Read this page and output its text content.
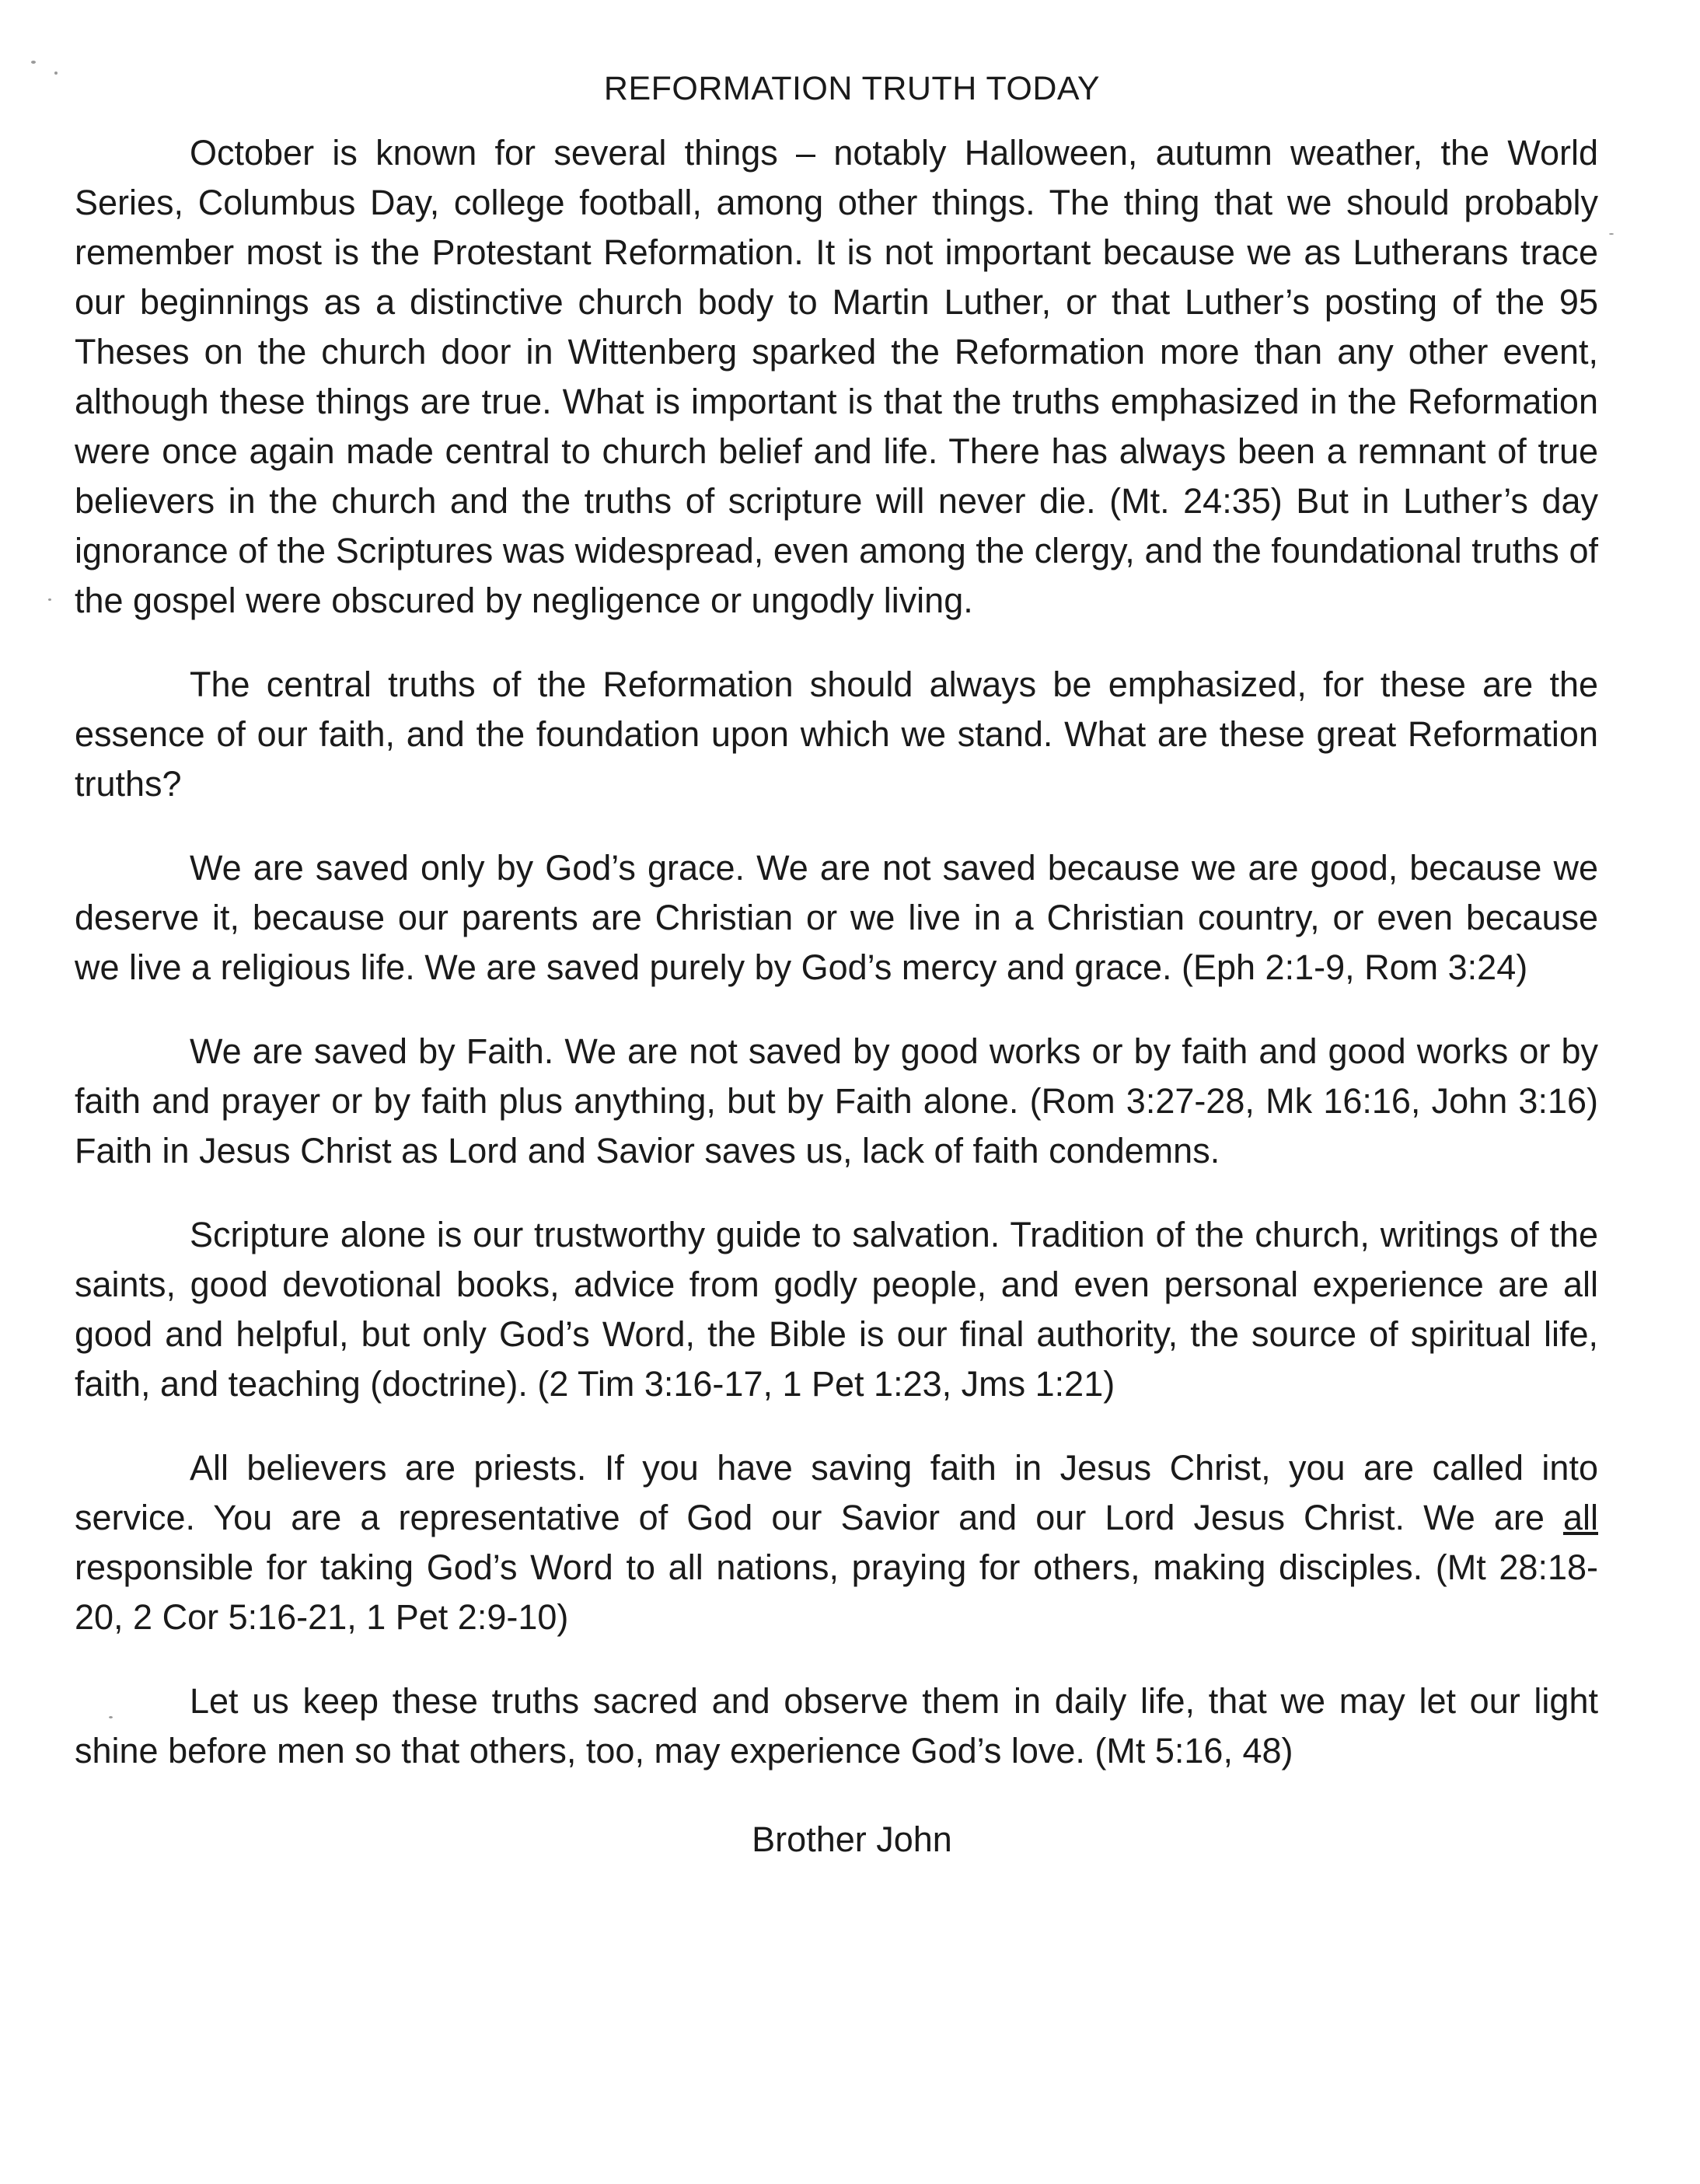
REFORMATION TRUTH TODAY

October is known for several things – notably Halloween, autumn weather, the World Series, Columbus Day, college football, among other things. The thing that we should probably remember most is the Protestant Reformation. It is not important because we as Lutherans trace our beginnings as a distinctive church body to Martin Luther, or that Luther’s posting of the 95 Theses on the church door in Wittenberg sparked the Reformation more than any other event, although these things are true. What is important is that the truths emphasized in the Reformation were once again made central to church belief and life. There has always been a remnant of true believers in the church and the truths of scripture will never die. (Mt. 24:35) But in Luther’s day ignorance of the Scriptures was widespread, even among the clergy, and the foundational truths of the gospel were obscured by negligence or ungodly living.

The central truths of the Reformation should always be emphasized, for these are the essence of our faith, and the foundation upon which we stand. What are these great Reformation truths?

We are saved only by God’s grace. We are not saved because we are good, because we deserve it, because our parents are Christian or we live in a Christian country, or even because we live a religious life. We are saved purely by God’s mercy and grace. (Eph 2:1-9, Rom 3:24)

We are saved by Faith. We are not saved by good works or by faith and good works or by faith and prayer or by faith plus anything, but by Faith alone. (Rom 3:27-28, Mk 16:16, John 3:16) Faith in Jesus Christ as Lord and Savior saves us, lack of faith condemns.

Scripture alone is our trustworthy guide to salvation. Tradition of the church, writings of the saints, good devotional books, advice from godly people, and even personal experience are all good and helpful, but only God’s Word, the Bible is our final authority, the source of spiritual life, faith, and teaching (doctrine). (2 Tim 3:16-17, 1 Pet 1:23, Jms 1:21)

All believers are priests. If you have saving faith in Jesus Christ, you are called into service. You are a representative of God our Savior and our Lord Jesus Christ. We are all responsible for taking God’s Word to all nations, praying for others, making disciples. (Mt 28:18-20, 2 Cor 5:16-21, 1 Pet 2:9-10)

Let us keep these truths sacred and observe them in daily life, that we may let our light shine before men so that others, too, may experience God’s love. (Mt 5:16, 48)

Brother John
